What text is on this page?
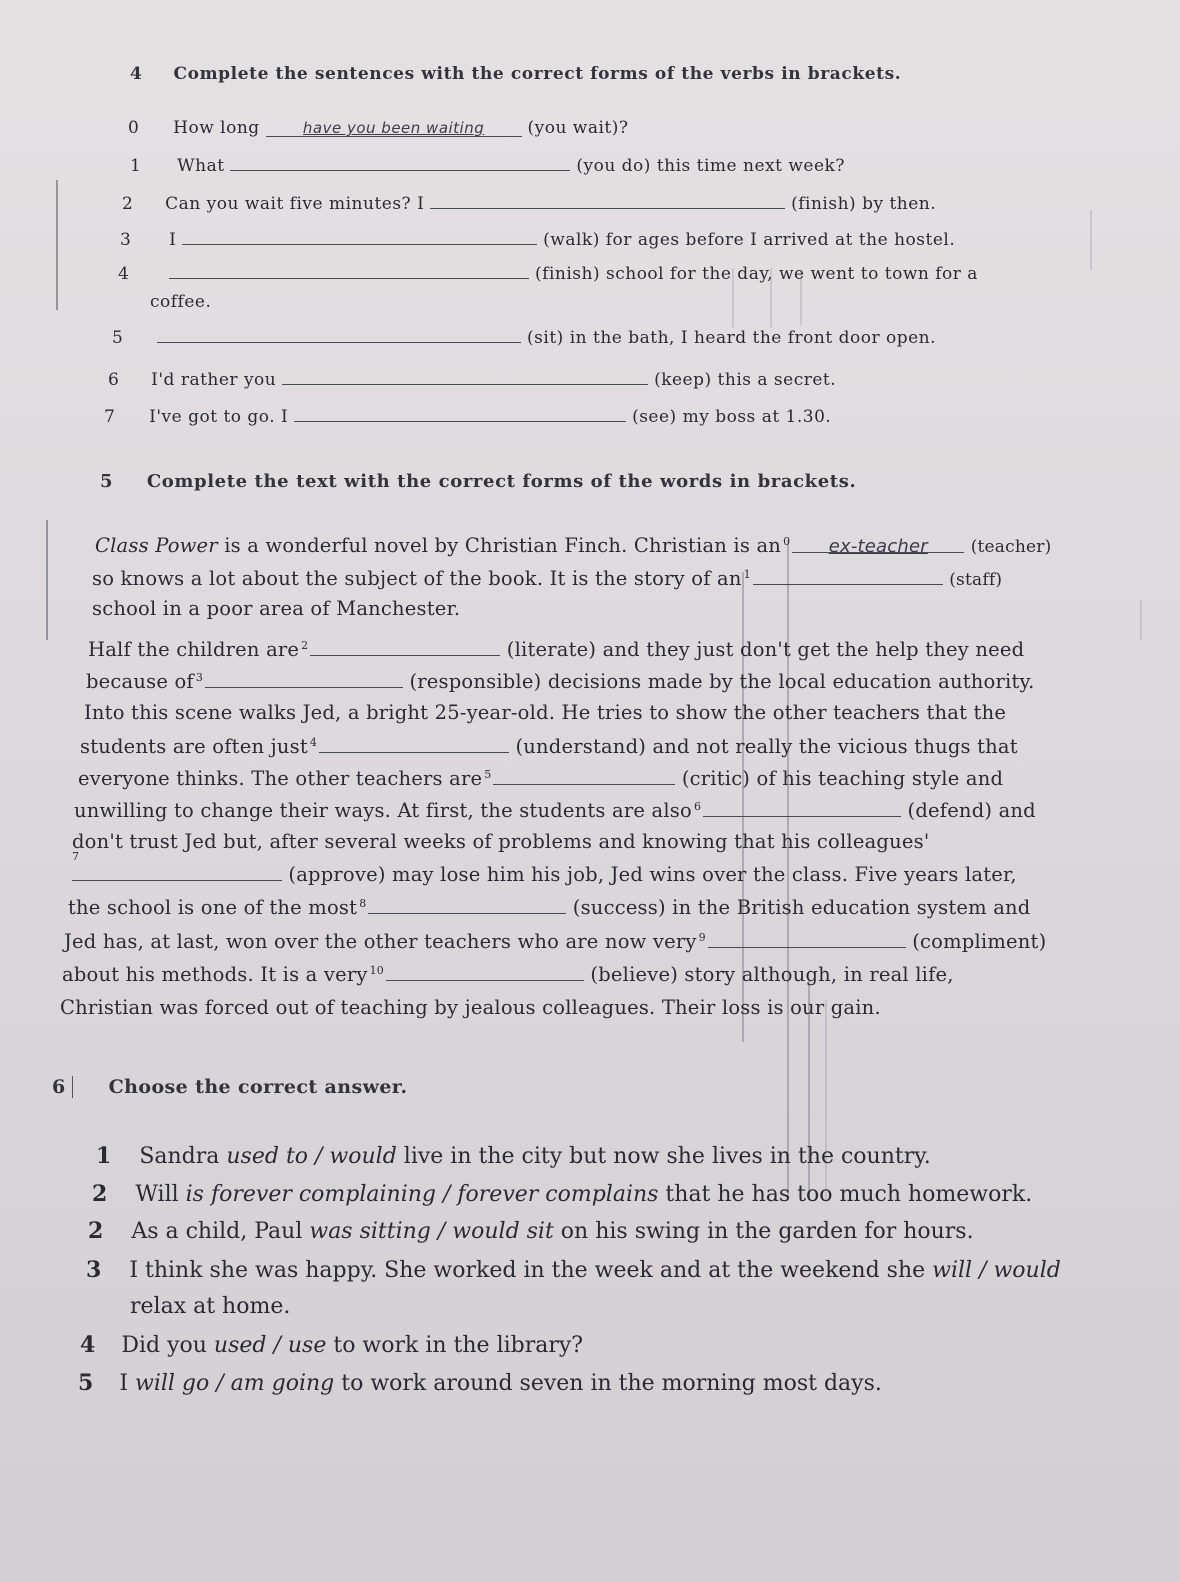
4 Complete the sentences with the correct forms of the verbs in brackets.
0 How long	have you been waiting	(you wait)?
1 What	(you do) this time next week?
2 Can you wait five minutes? I	(finish) by then.
3 I	(walk) for ages before I arrived at the hostel.
4	(finish) school for the day, we went to town for a
coffee.
5	(sit) in the bath, I heard the front door open.
6 I'd rather you	(keep) this a secret.
7 I've got to go. I	(see) my boss at 1.30.
5 Complete the text with the correct forms of the words in brackets.
Class Power is a wonderful novel by Christian Finch. Christian is an $^0$ ex-teacher	(teacher)
so knows a lot about the subject of the book. It is the story of an $^1$	(staff)
school in a poor area of Manchester.
Half the children are $^2$	(literate) and they just don't get the help they need
because of $^3$	(responsible) decisions made by the local education authority.
Into this scene walks Jed, a bright 25-year-old. He tries to show the other teachers that the
students are often just $^4$	(understand) and not really the vicious thugs that
everyone thinks. The other teachers are $^5$	(critic) of his teaching style and
unwilling to change their ways. At first, the students are also $^6$	(defend) and
don't trust Jed but, after several weeks of problems and knowing that his colleagues'
7
(approve) may lose him his job, Jed wins over the class. Five years later,
the school is one of the most $^8$	(success) in the British education system and
Jed has, at last, won over the other teachers who are now very $^9$	(compliment)
about his methods. It is a very $^{10}$	(believe) story although, in real life,
Christian was forced out of teaching by jealous colleagues. Their loss is our gain.
6 Choose the correct answer.
1 Sandra used to / would live in the city but now she lives in the country.
2 Will is forever complaining / forever complains that he has too much homework.
2 As a child, Paul was sitting / would sit on his swing in the garden for hours.
3 I think she was happy. She worked in the week and at the weekend she will / would
relax at home.
4 Did you used / use to work in the library?
5 I will go / am going to work around seven in the morning most days.
